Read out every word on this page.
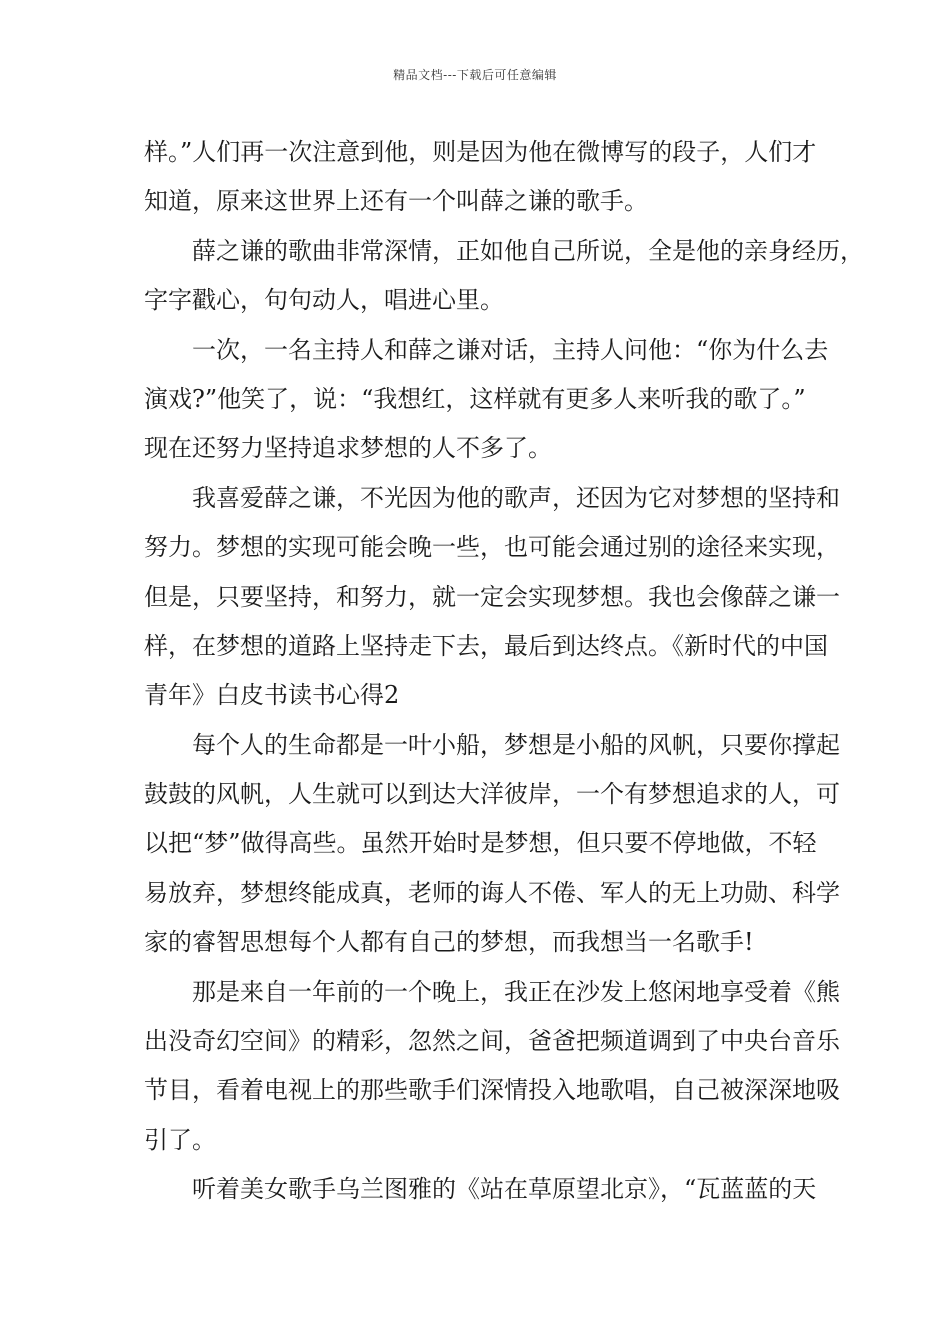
精品文档---下载后可任意编辑
样。”人们再一次注意到他，则是因为他在微博写的段子，人们才
知道，原来这世界上还有一个叫薛之谦的歌手。
薛之谦的歌曲非常深情，正如他自己所说，全是他的亲身经历，
字字戳心，句句动人，唱进心里。
一次，一名主持人和薛之谦对话，主持人问他：“你为什么去
演戏?”他笑了，说：“我想红，这样就有更多人来听我的歌了。”
现在还努力坚持追求梦想的人不多了。
我喜爱薛之谦，不光因为他的歌声，还因为它对梦想的坚持和
努力。梦想的实现可能会晚一些，也可能会通过别的途径来实现，
但是，只要坚持，和努力，就一定会实现梦想。我也会像薛之谦一
样，在梦想的道路上坚持走下去，最后到达终点。《新时代的中国
青年》白皮书读书心得2
每个人的生命都是一叶小船，梦想是小船的风帆，只要你撑起
鼓鼓的风帆，人生就可以到达大洋彼岸，一个有梦想追求的人，可
以把“梦”做得高些。虽然开始时是梦想，但只要不停地做，不轻
易放弃，梦想终能成真，老师的诲人不倦、军人的无上功勋、科学
家的睿智思想每个人都有自己的梦想，而我想当一名歌手!
那是来自一年前的一个晚上，我正在沙发上悠闲地享受着《熊
出没奇幻空间》的精彩，忽然之间，爸爸把频道调到了中央台音乐
节目，看着电视上的那些歌手们深情投入地歌唱，自己被深深地吸
引了。
听着美女歌手乌兰图雅的《站在草原望北京》，“瓦蓝蓝的天
